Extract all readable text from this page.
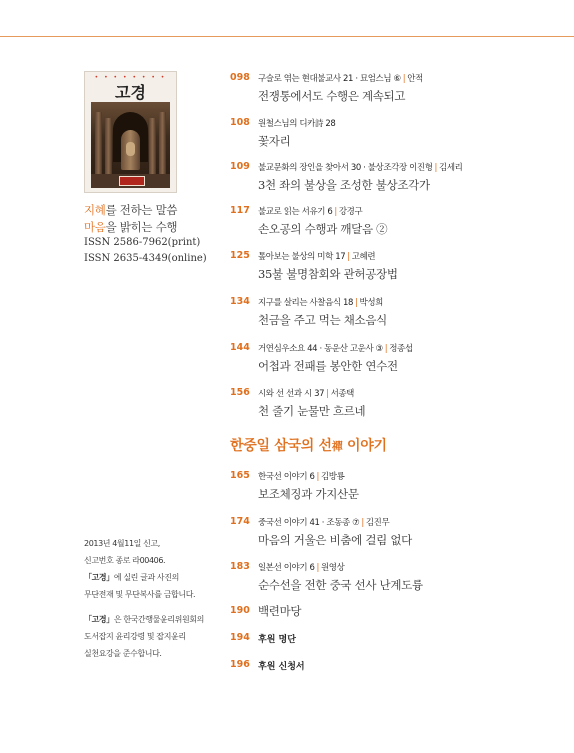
• • • • • • • •
고경
지혜를 전하는 말씀
마음을 밝히는 수행
ISSN 2586-7962(print)
ISSN 2635-4349(online)
2013년 4월11일 신고,
신고번호 종로 라00406.
「고경」에 실린 글과 사진의
무단전재 및 무단복사를 금합니다.
「고경」은 한국간행물윤리위원회의
도서잡지 윤리강령 및 잡지윤리
실천요강을 준수합니다.
098 구슬로 엮는 현대불교사 21 · 묘엄스님 ⑥ | 안적
전쟁통에서도 수행은 계속되고
108 원철스님의 디카詩 28
꽃자리
109 불교문화의 장인을 찾아서 30 · 불상조각장 이진형 | 김세리
3천 좌의 불상을 조성한 불상조각가
117 불교로 읽는 서유기 6 | 강경구
손오공의 수행과 깨달음 ②
125 톺아보는 불상의 미학 17 | 고혜련
35불 불명참회와 관허공장법
134 지구를 살리는 사찰음식 18 | 박성희
천금을 주고 먹는 채소음식
144 거연심우소요 44 · 동운산 고운사 ③ | 정종섭
어첩과 전패를 봉안한 연수전
156 시와 선 선과 시 37 | 서종택
천 줄기 눈물만 흐르네
한중일 삼국의 선禪 이야기
165 한국선 이야기 6 | 김방룡
보조체징과 가지산문
174 중국선 이야기 41 · 조동종 ⑦ | 김진무
마음의 거울은 비춤에 걸림 없다
183 일본선 이야기 6 | 원영상
순수선을 전한 중국 선사 난계도륭
190 백련마당
194 후원 명단
196 후원 신청서
